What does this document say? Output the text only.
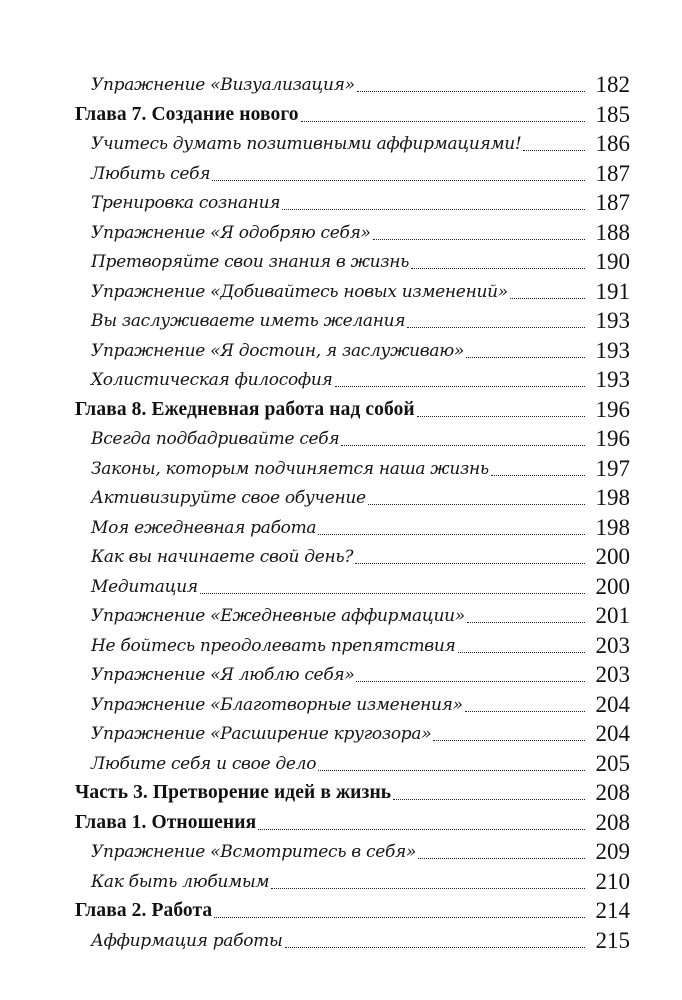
Упражнение «Визуализация»	182
Глава 7. Создание нового	185
Учитесь думать позитивными аффирмациями!	186
Любить себя	187
Тренировка сознания	187
Упражнение «Я одобряю себя»	188
Претворяйте свои знания в жизнь	190
Упражнение «Добивайтесь новых изменений»	191
Вы заслуживаете иметь желания	193
Упражнение «Я достоин, я заслуживаю»	193
Холистическая философия	193
Глава 8. Ежедневная работа над собой	196
Всегда подбадривайте себя	196
Законы, которым подчиняется наша жизнь	197
Активизируйте свое обучение	198
Моя ежедневная работа	198
Как вы начинаете свой день?	200
Медитация	200
Упражнение «Ежедневные аффирмации»	201
Не бойтесь преодолевать препятствия	203
Упражнение «Я люблю себя»	203
Упражнение «Благотворные изменения»	204
Упражнение «Расширение кругозора»	204
Любите себя и свое дело	205
Часть 3. Претворение идей в жизнь	208
Глава 1. Отношения	208
Упражнение «Всмотритесь в себя»	209
Как быть любимым	210
Глава 2. Работа	214
Аффирмация работы	215
